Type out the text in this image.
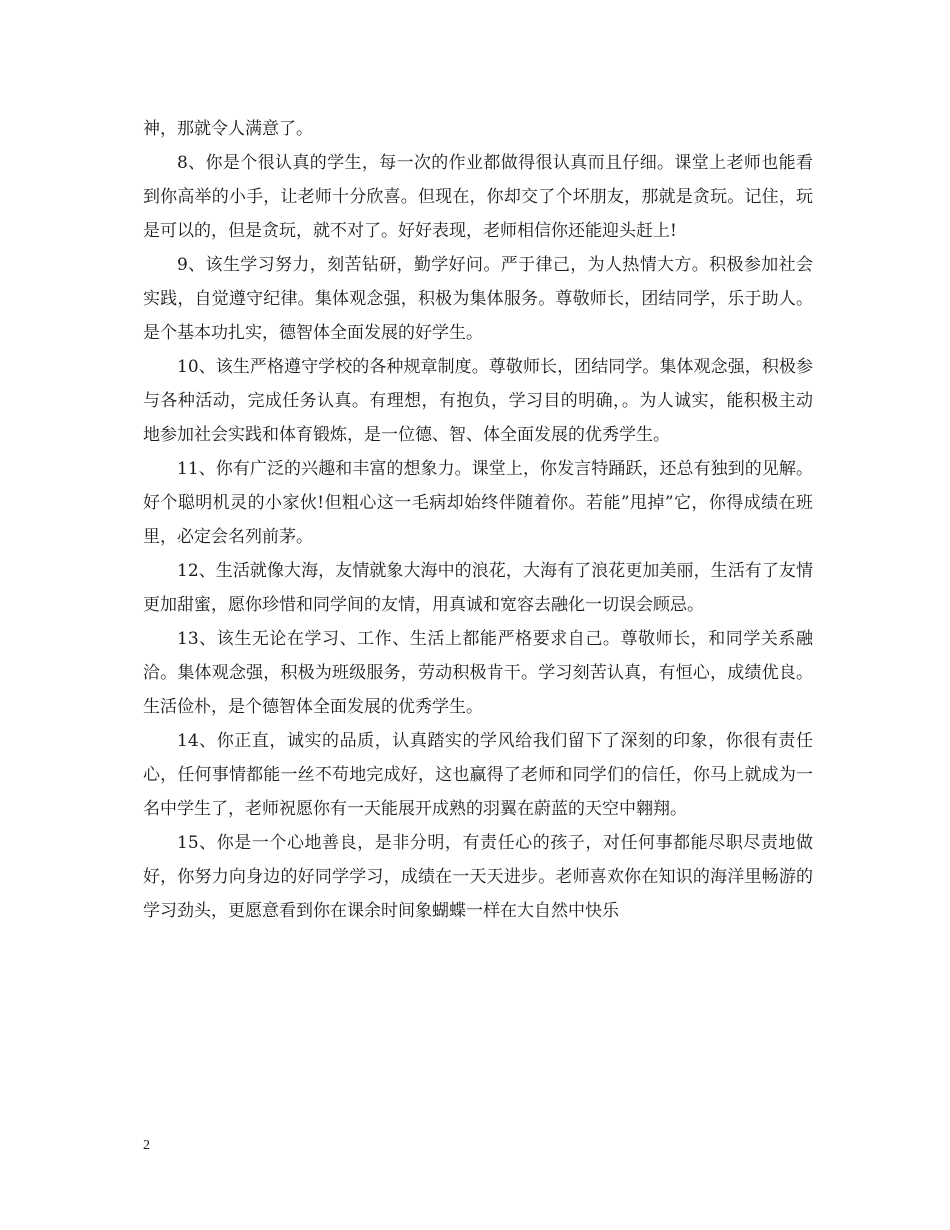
神，那就令人满意了。

8、你是个很认真的学生，每一次的作业都做得很认真而且仔细。课堂上老师也能看到你高举的小手，让老师十分欣喜。但现在，你却交了个坏朋友，那就是贪玩。记住，玩是可以的，但是贪玩，就不对了。好好表现，老师相信你还能迎头赶上!

9、该生学习努力，刻苦钻研，勤学好问。严于律己，为人热情大方。积极参加社会实践，自觉遵守纪律。集体观念强，积极为集体服务。尊敬师长，团结同学，乐于助人。是个基本功扎实，德智体全面发展的好学生。

10、该生严格遵守学校的各种规章制度。尊敬师长，团结同学。集体观念强，积极参与各种活动，完成任务认真。有理想，有抱负，学习目的明确，。为人诚实，能积极主动地参加社会实践和体育锻炼，是一位德、智、体全面发展的优秀学生。

11、你有广泛的兴趣和丰富的想象力。课堂上，你发言特踊跃，还总有独到的见解。好个聪明机灵的小家伙!但粗心这一毛病却始终伴随着你。若能”甩掉”它，你得成绩在班里，必定会名列前茅。

12、生活就像大海，友情就象大海中的浪花，大海有了浪花更加美丽，生活有了友情更加甜蜜，愿你珍惜和同学间的友情，用真诚和宽容去融化一切误会顾忌。

13、该生无论在学习、工作、生活上都能严格要求自己。尊敬师长，和同学关系融洽。集体观念强，积极为班级服务，劳动积极肯干。学习刻苦认真，有恒心，成绩优良。生活俭朴，是个德智体全面发展的优秀学生。

14、你正直，诚实的品质，认真踏实的学风给我们留下了深刻的印象，你很有责任心，任何事情都能一丝不苟地完成好，这也赢得了老师和同学们的信任，你马上就成为一名中学生了，老师祝愿你有一天能展开成熟的羽翼在蔚蓝的天空中翱翔。

15、你是一个心地善良，是非分明，有责任心的孩子，对任何事都能尽职尽责地做好，你努力向身边的好同学学习，成绩在一天天进步。老师喜欢你在知识的海洋里畅游的学习劲头，更愿意看到你在课余时间象蝴蝶一样在大自然中快乐

2
